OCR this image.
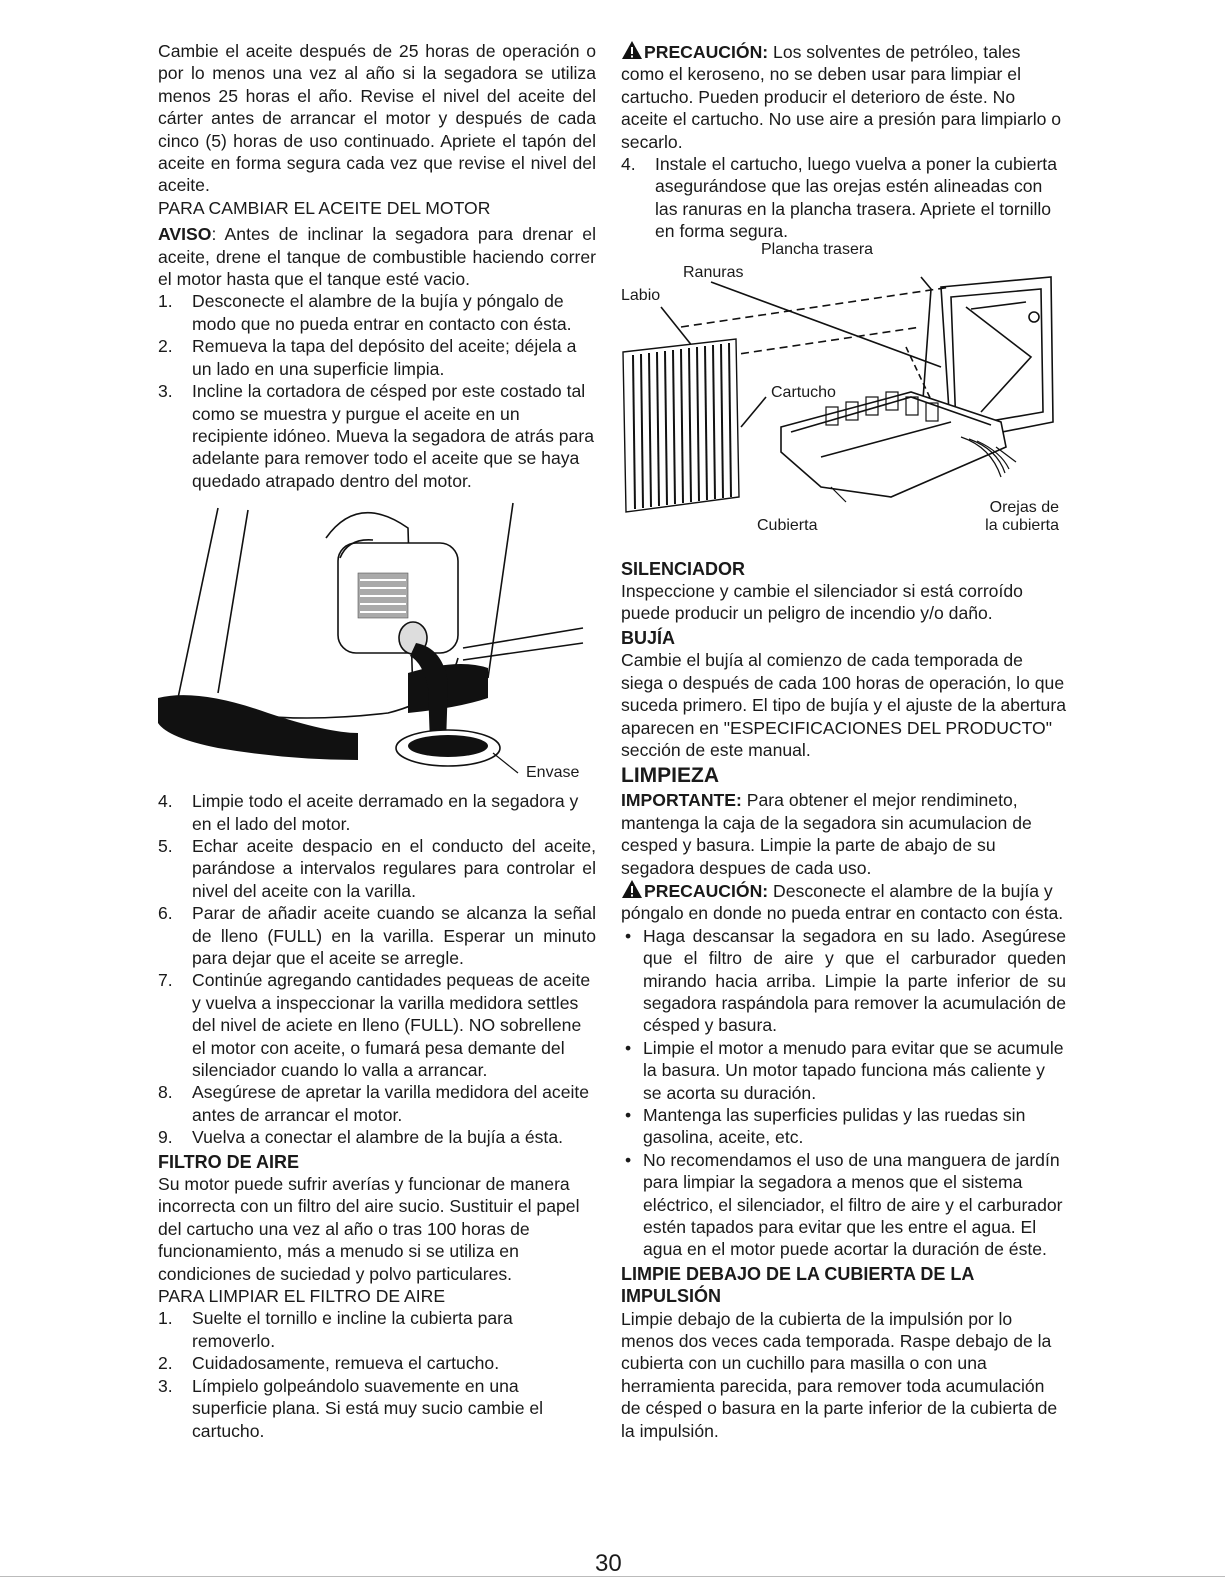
Cambie el aceite después de 25 horas de operación o por lo menos una vez al año si la segadora se utiliza menos 25 horas el año. Revise el nivel del aceite del cárter antes de arrancar el motor y después de cada cinco (5) horas de uso continuado. Apriete el tapón del aceite en forma segura cada vez que revise el nivel del aceite.

PARA CAMBIAR EL ACEITE DEL MOTOR

AVISO: Antes de inclinar la segadora para drenar el aceite, drene el tanque de combustible haciendo correr el motor hasta que el tanque esté vacio.

1. Desconecte el alambre de la bujía y póngalo de modo que no pueda entrar en contacto con ésta.
2. Remueva la tapa del depósito del aceite; déjela a un lado en una superficie limpia.
3. Incline la cortadora de césped por este costado tal como se muestra y purgue el aceite en un recipiente idóneo. Mueva la segadora de atrás para adelante para remover todo el aceite que se haya quedado atrapado dentro del motor.
Envase
4. Limpie todo el aceite derramado en la segadora y en el lado del motor.
5. Echar aceite despacio en el conducto del aceite, parándose a intervalos regulares para controlar el nivel del aceite con la varilla.
6. Parar de añadir aceite cuando se alcanza la señal de lleno (FULL) en la varilla. Esperar un minuto para dejar que el aceite se arregle.
7. Continúe agregando cantidades pequeas de aceite y vuelva a inspeccionar la varilla medidora settles del nivel de aciete en lleno (FULL). NO sobrellene el motor con aceite, o fumará pesa demante del silenciador cuando lo valla a arrancar.
8. Asegúrese de apretar la varilla medidora del aceite antes de arrancar el motor.
9. Vuelva a conectar el alambre de la bujía a ésta.

FILTRO DE AIRE

Su motor puede sufrir averías y funcionar de manera incorrecta con un filtro del aire sucio. Sustituir el papel del cartucho una vez al año o tras 100 horas de funcionamiento, más a menudo si se utiliza en condiciones de suciedad y polvo particulares.

PARA LIMPIAR EL FILTRO DE AIRE

1. Suelte el tornillo e incline la cubierta para removerlo.
2. Cuidadosamente, remueva el cartucho.
3. Límpielo golpeándolo suavemente en una superficie plana. Si está muy sucio cambie el cartucho.

PRECAUCIÓN: Los solventes de petróleo, tales como el keroseno, no se deben usar para limpiar el cartucho. Pueden producir el deterioro de éste. No aceite el cartucho. No use aire a presión para limpiarlo o secarlo.

4. Instale el cartucho, luego vuelva a poner la cubierta asegurándose que las orejas estén alineadas con las ranuras en la plancha trasera. Apriete el tornillo en forma segura.
Plancha trasera
Ranuras
Labio
Cartucho
Cubierta
Orejas de
la cubierta

SILENCIADOR

Inspeccione y cambie el silenciador si está corroído puede producir un peligro de incendio y/o daño.

BUJÍA

Cambie el bujía al comienzo de cada temporada de siega o después de cada 100 horas de operación, lo que suceda primero. El tipo de bujía y el ajuste de la abertura aparecen en "ESPECIFICACIONES DEL PRODUCTO" sección de este manual.

LIMPIEZA

IMPORTANTE: Para obtener el mejor rendimineto, mantenga la caja de la segadora sin acumulacion de cesped y basura. Limpie la parte de abajo de su segadora despues de cada uso.

PRECAUCIÓN: Desconecte el alambre de la bujía y póngalo en donde no pueda entrar en contacto con ésta.

• Haga descansar la segadora en su lado. Asegúrese que el filtro de aire y que el carburador queden mirando hacia arriba. Limpie la parte inferior de su segadora raspándola para remover la acumulación de césped y basura.
• Limpie el motor a menudo para evitar que se acumule la basura. Un motor tapado funciona más caliente y se acorta su duración.
• Mantenga las superficies pulidas y las ruedas sin gasolina, aceite, etc.
• No recomendamos el uso de una manguera de jardín para limpiar la segadora a menos que el sistema eléctrico, el silenciador, el filtro de aire y el carburador estén tapados para evitar que les entre el agua. El agua en el motor puede acortar la duración de éste.

LIMPIE DEBAJO DE LA CUBIERTA DE LA IMPULSIÓN

Limpie debajo de la cubierta de la impulsión por lo menos dos veces cada temporada. Raspe debajo de la cubierta con un cuchillo para masilla o con una herramienta parecida, para remover toda acumulación de césped o basura en la parte inferior de la cubierta de la impulsión.

30
